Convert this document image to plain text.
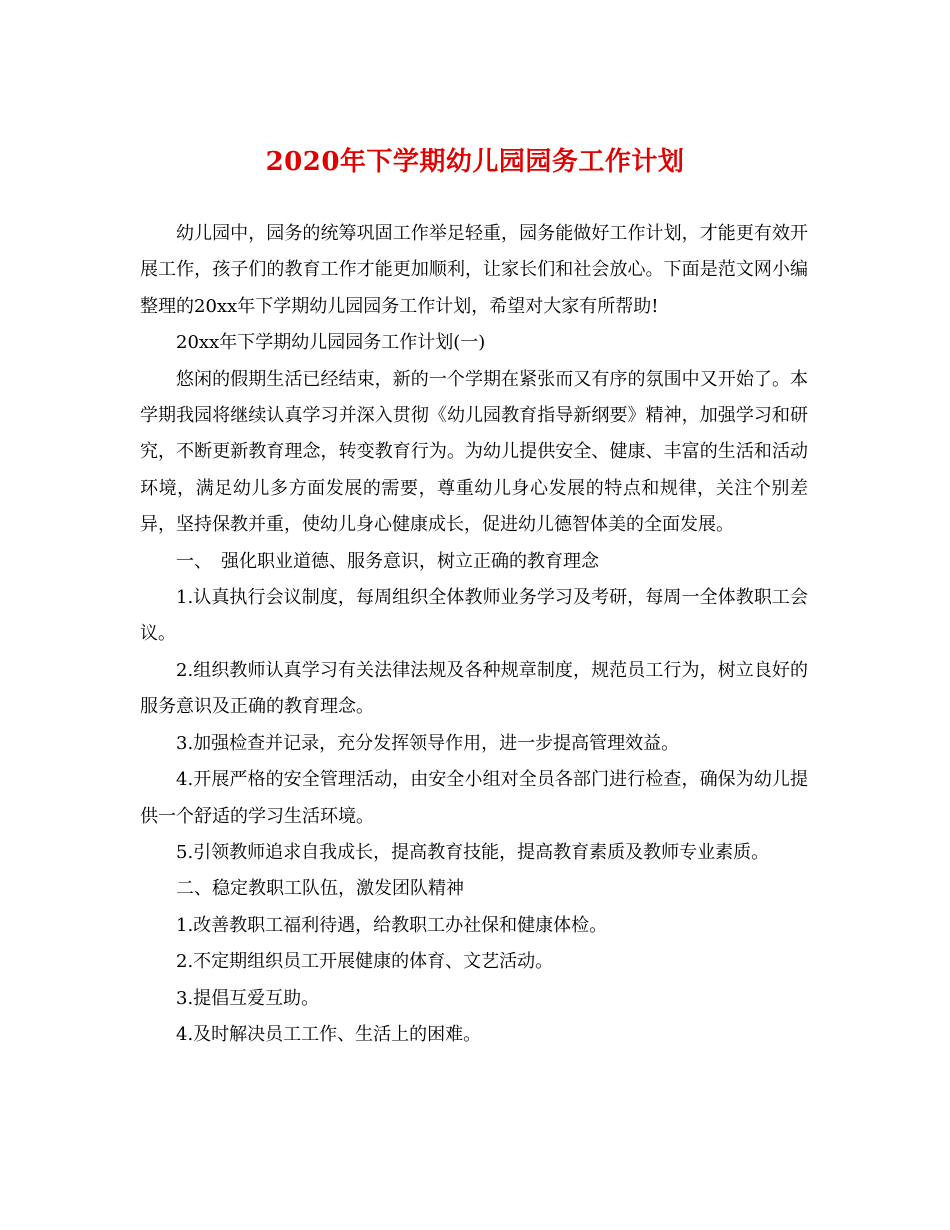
2020年下学期幼儿园园务工作计划

幼儿园中，园务的统筹巩固工作举足轻重，园务能做好工作计划，才能更有效开展工作，孩子们的教育工作才能更加顺利，让家长们和社会放心。下面是范文网小编整理的20xx年下学期幼儿园园务工作计划，希望对大家有所帮助!

20xx年下学期幼儿园园务工作计划(一)

悠闲的假期生活已经结束，新的一个学期在紧张而又有序的氛围中又开始了。本学期我园将继续认真学习并深入贯彻《幼儿园教育指导新纲要》精神，加强学习和研究，不断更新教育理念，转变教育行为。为幼儿提供安全、健康、丰富的生活和活动环境，满足幼儿多方面发展的需要，尊重幼儿身心发展的特点和规律，关注个别差异，坚持保教并重，使幼儿身心健康成长，促进幼儿德智体美的全面发展。

一、　强化职业道德、服务意识，树立正确的教育理念

1.认真执行会议制度，每周组织全体教师业务学习及考研，每周一全体教职工会议。

2.组织教师认真学习有关法律法规及各种规章制度，规范员工行为，树立良好的服务意识及正确的教育理念。

3.加强检查并记录，充分发挥领导作用，进一步提高管理效益。

4.开展严格的安全管理活动，由安全小组对全员各部门进行检查，确保为幼儿提供一个舒适的学习生活环境。

5.引领教师追求自我成长，提高教育技能，提高教育素质及教师专业素质。

二、稳定教职工队伍，激发团队精神

1.改善教职工福利待遇，给教职工办社保和健康体检。

2.不定期组织员工开展健康的体育、文艺活动。

3.提倡互爱互助。

4.及时解决员工工作、生活上的困难。
